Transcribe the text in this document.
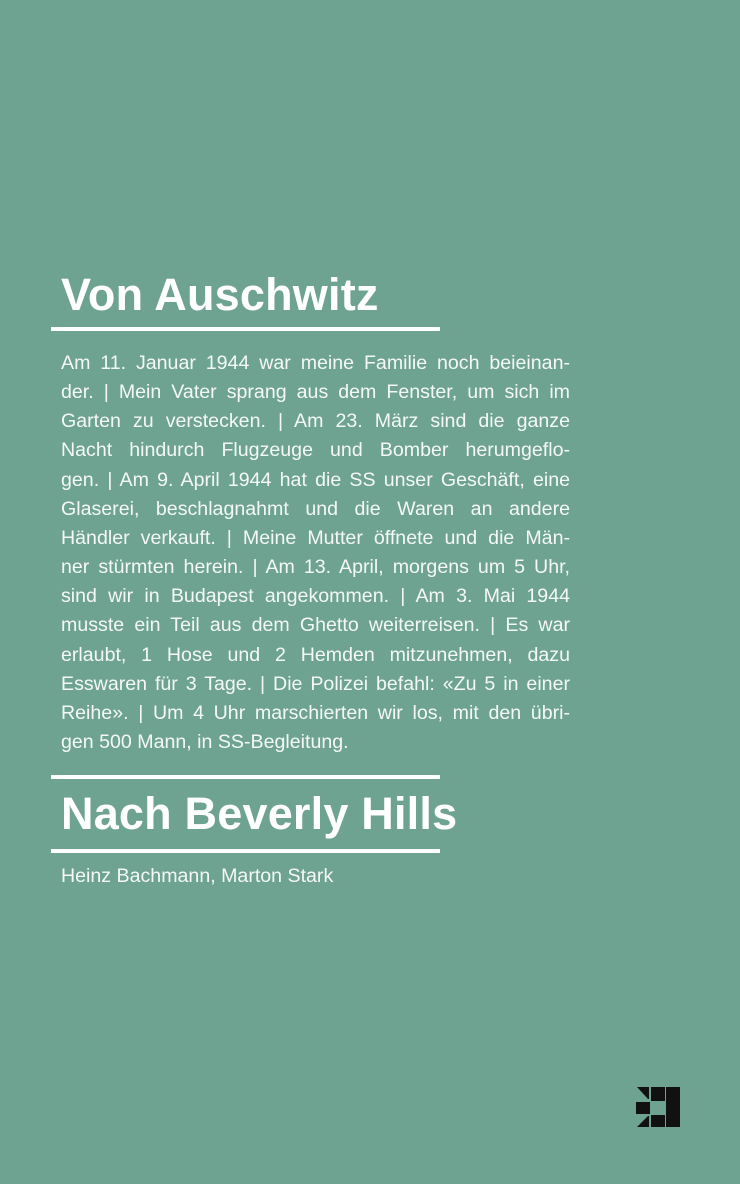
Von Auschwitz
Am 11. Januar 1944 war meine Familie noch beieinan-
der. | Mein Vater sprang aus dem Fenster, um sich im
Garten zu verstecken. | Am 23. März sind die ganze
Nacht hindurch Flugzeuge und Bomber herumgeflo-
gen. | Am 9. April 1944 hat die SS unser Geschäft, eine
Glaserei, beschlagnahmt und die Waren an andere
Händler verkauft. | Meine Mutter öffnete und die Män-
ner stürmten herein. | Am 13. April, morgens um 5 Uhr,
sind wir in Budapest angekommen. | Am 3. Mai 1944
musste ein Teil aus dem Ghetto weiterreisen. | Es war
erlaubt, 1 Hose und 2 Hemden mitzunehmen, dazu
Esswaren für 3 Tage. | Die Polizei befahl: «Zu 5 in einer
Reihe». | Um 4 Uhr marschierten wir los, mit den übri-
gen 500 Mann, in SS-Begleitung.
Nach Beverly Hills

Heinz Bachmann, Marton Stark
